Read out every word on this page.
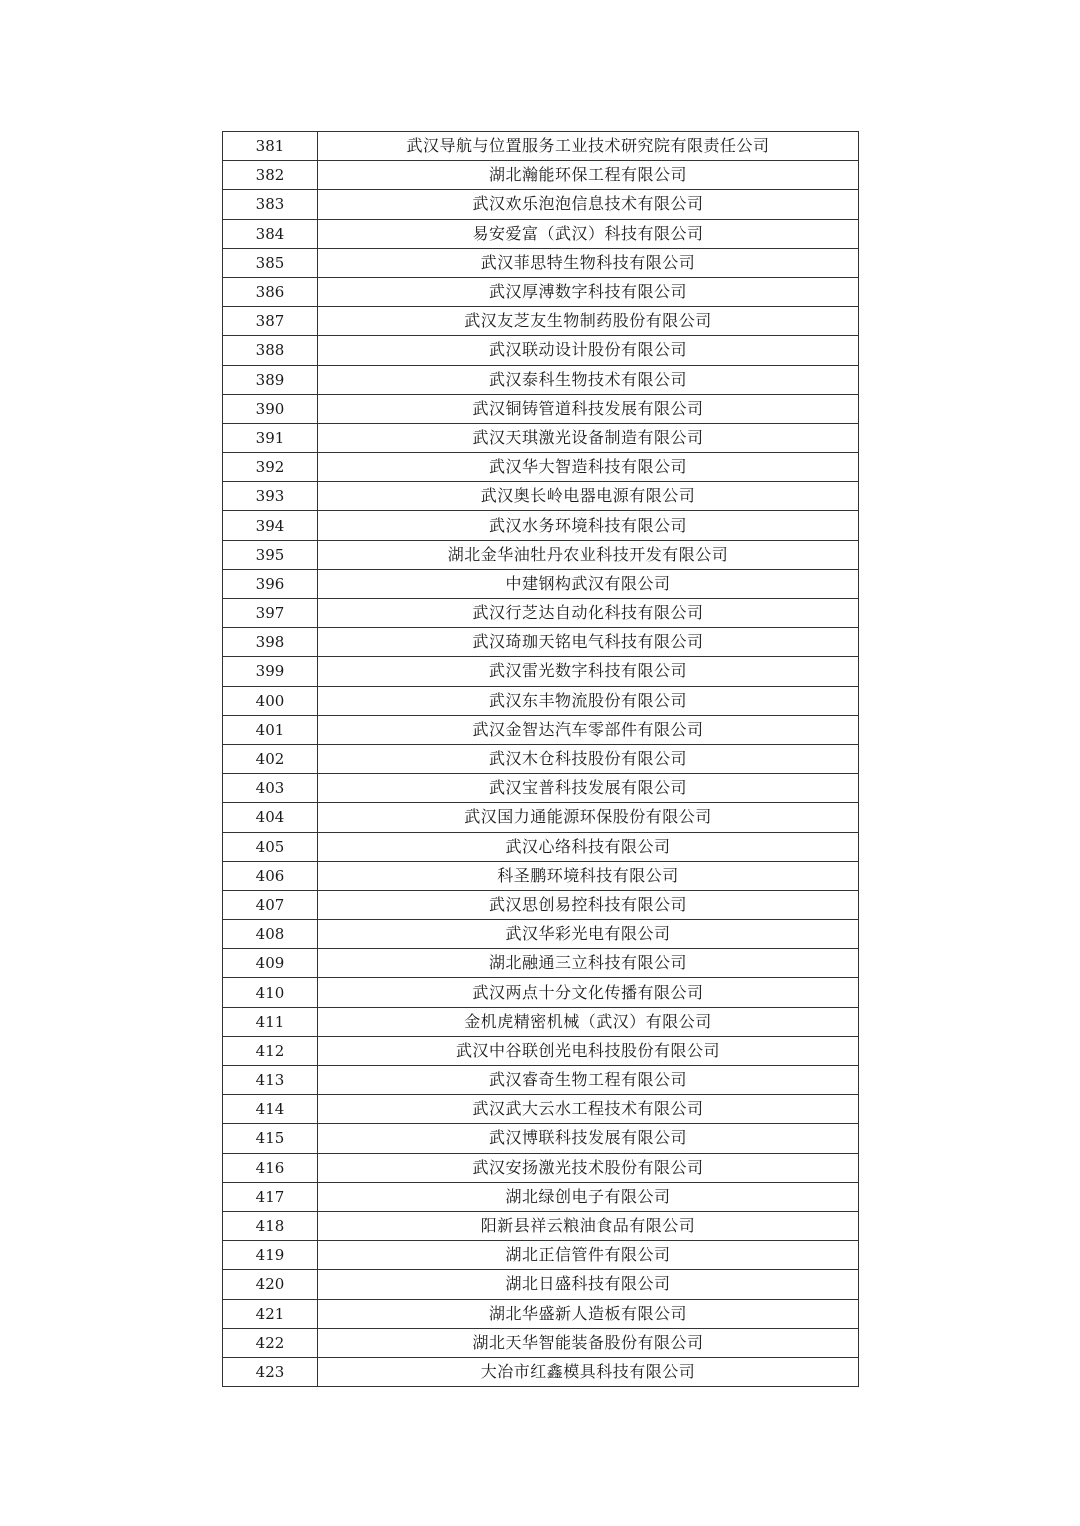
381	武汉导航与位置服务工业技术研究院有限责任公司
382	湖北瀚能环保工程有限公司
383	武汉欢乐泡泡信息技术有限公司
384	易安爱富（武汉）科技有限公司
385	武汉菲思特生物科技有限公司
386	武汉厚溥数字科技有限公司
387	武汉友芝友生物制药股份有限公司
388	武汉联动设计股份有限公司
389	武汉泰科生物技术有限公司
390	武汉铜铸管道科技发展有限公司
391	武汉天琪激光设备制造有限公司
392	武汉华大智造科技有限公司
393	武汉奥长岭电器电源有限公司
394	武汉水务环境科技有限公司
395	湖北金华油牡丹农业科技开发有限公司
396	中建钢构武汉有限公司
397	武汉行芝达自动化科技有限公司
398	武汉琦珈天铭电气科技有限公司
399	武汉雷光数字科技有限公司
400	武汉东丰物流股份有限公司
401	武汉金智达汽车零部件有限公司
402	武汉木仓科技股份有限公司
403	武汉宝普科技发展有限公司
404	武汉国力通能源环保股份有限公司
405	武汉心络科技有限公司
406	科圣鹏环境科技有限公司
407	武汉思创易控科技有限公司
408	武汉华彩光电有限公司
409	湖北融通三立科技有限公司
410	武汉两点十分文化传播有限公司
411	金机虎精密机械（武汉）有限公司
412	武汉中谷联创光电科技股份有限公司
413	武汉睿奇生物工程有限公司
414	武汉武大云水工程技术有限公司
415	武汉博联科技发展有限公司
416	武汉安扬激光技术股份有限公司
417	湖北绿创电子有限公司
418	阳新县祥云粮油食品有限公司
419	湖北正信管件有限公司
420	湖北日盛科技有限公司
421	湖北华盛新人造板有限公司
422	湖北天华智能装备股份有限公司
423	大冶市红鑫模具科技有限公司
